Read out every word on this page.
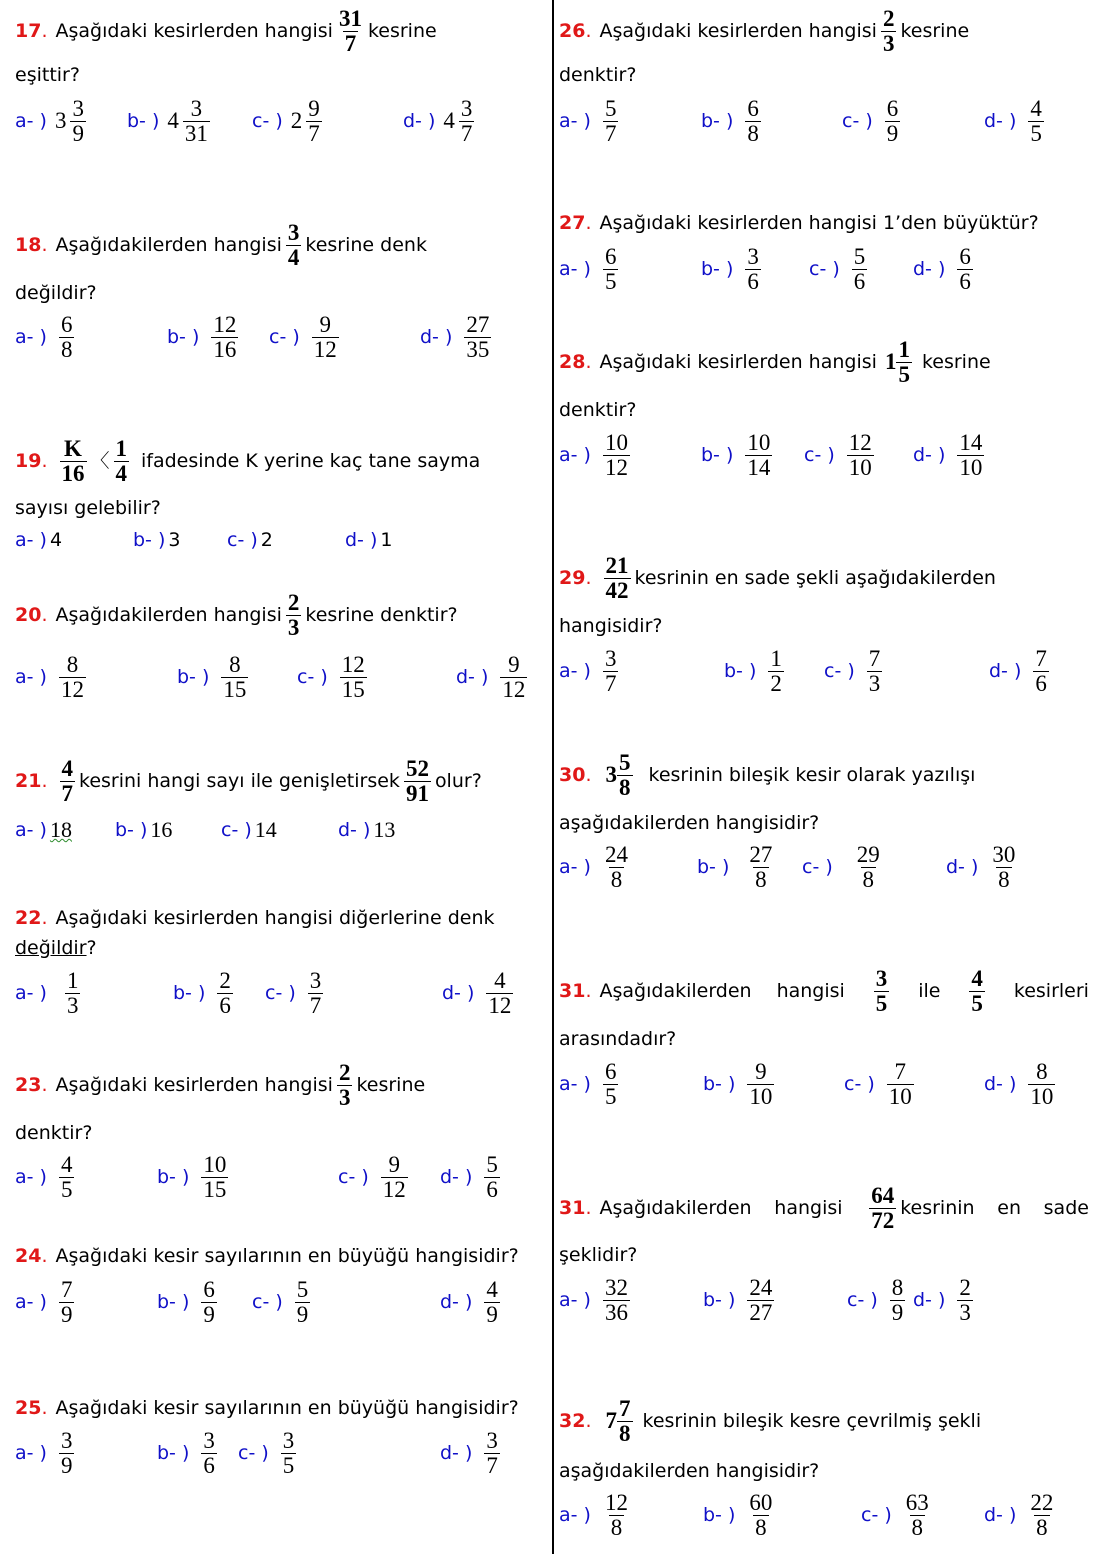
17 . Aşağıdaki kesirlerden hangisi $\frac{31}{7}$ kesrine
eşittir?
a- ) $3 \frac{3}{9} b-$ ) $4 \frac{3}{31} c-$ ) $2 \frac{9}{7}$	d- ) $4 \frac{3}{7}$
18 . Aşağıdakilerden hangisi $\frac{3}{4}$ kesrine denk
değildir?
a- ) $\frac{6}{8}$	b- ) $\frac{12}{16} c-$ ) $\frac{9}{12}$	d- ) $\frac{27}{35}$
19 . $\frac{K}{16}$ 〈 $\frac{1}{4}$ ifadesinde K yerine kaç tane sayma
sayısı gelebilir?
a- ) 4	b- ) 3 c- ) 2	d- ) 1
20 . Aşağıdakilerden hangisi $\frac{2}{3}$ kesrine denktir?
a- ) $\frac{8}{12}$	b- ) $\frac{8}{15}$	c- ) $\frac{12}{15}$	d- ) $\frac{9}{12}$
21 . $\frac{4}{7}$ kesrini hangi sayı ile genişletirsek $\frac{52}{91}$ olur?
a- ) 18 b- ) 16	c- ) 14	d- ) 13
22. Aşağıdaki kesirlerden hangisi diğerlerine denk
değildir?
a- ) $\frac{1}{3}$	b- ) $\frac{2}{6} c-$ ) $\frac{3}{7}$	d- ) $\frac{4}{12}$
23 . Aşağıdaki kesirlerden hangisi $\frac{2}{3}$ kesrine
denktir?
a- ) $\frac{4}{5}$	b- ) $\frac{10}{15}$	c- ) $\frac{9}{12} d-$ ) $\frac{5}{6}$
24. Aşağıdaki kesir sayılarının en büyüğü hangisidir?
a- ) $\frac{7}{9}$	b- ) $\frac{6}{9} c-$ ) $\frac{5}{9}$	d- ) $\frac{4}{9}$
25. Aşağıdaki kesir sayılarının en büyüğü hangisidir?
a- ) $\frac{3}{9}$	b- ) $\frac{3}{6} c-$ ) $\frac{3}{5}$	d- ) $\frac{3}{7}$
26 . Aşağıdaki kesirlerden hangisi $\frac{2}{3}$ kesrine
denktir?
a- ) $\frac{5}{7}$	b- ) $\frac{6}{8}$	c- ) $\frac{6}{9}$	d- ) $\frac{4}{5}$
27. Aşağıdaki kesirlerden hangisi 1’den büyüktür?
a- ) $\frac{6}{5}$	b- ) $\frac{3}{6}$	c- ) $\frac{5}{6} d-$ ) $\frac{6}{6}$
28 . Aşağıdaki kesirlerden hangisi $1 \frac{1}{5}$ kesrine
denktir?
a- ) $\frac{10}{12}$	b- ) $\frac{10}{14} c-$ ) $\frac{12}{10} d-$ ) $\frac{14}{10}$
29 . $\frac{21}{42}$ kesrinin en sade şekli aşağıdakilerden
hangisidir?
a- ) $\frac{3}{7}$	b- ) $\frac{1}{2} c-$ ) $\frac{7}{3}$	d- ) $\frac{7}{6}$
30 . $3 \frac{5}{8}$ kesrinin bileşik kesir olarak yazılışı
aşağıdakilerden hangisidir?
a- ) $\frac{24}{8}$	b- ) $\frac{27}{8} c-$ ) $\frac{29}{8}$	d- ) $\frac{30}{8}$
31. Aşağıdakilerden hangisi $\frac{3}{5}$ ile $\frac{4}{5}$ kesirleri
arasındadır?
a- ) $\frac{6}{5}$	b- ) $\frac{9}{10}$	c- ) $\frac{7}{10}$	d- ) $\frac{8}{10}$
31. Aşağıdakilerden hangisi $\frac{64}{72}$ kesrinin en sade
şeklidir?
a- ) $\frac{32}{36}$	b- ) $\frac{24}{27}$	c- ) $\frac{8}{9} d-$ ) $\frac{2}{3}$
32 . $7 \frac{7}{8}$ kesrinin bileşik kesre çevrilmiş şekli
aşağıdakilerden hangisidir?
a- ) $\frac{12}{8}$	b- ) $\frac{60}{8}$	c- ) $\frac{63}{8}$	d- ) $\frac{22}{8}$
